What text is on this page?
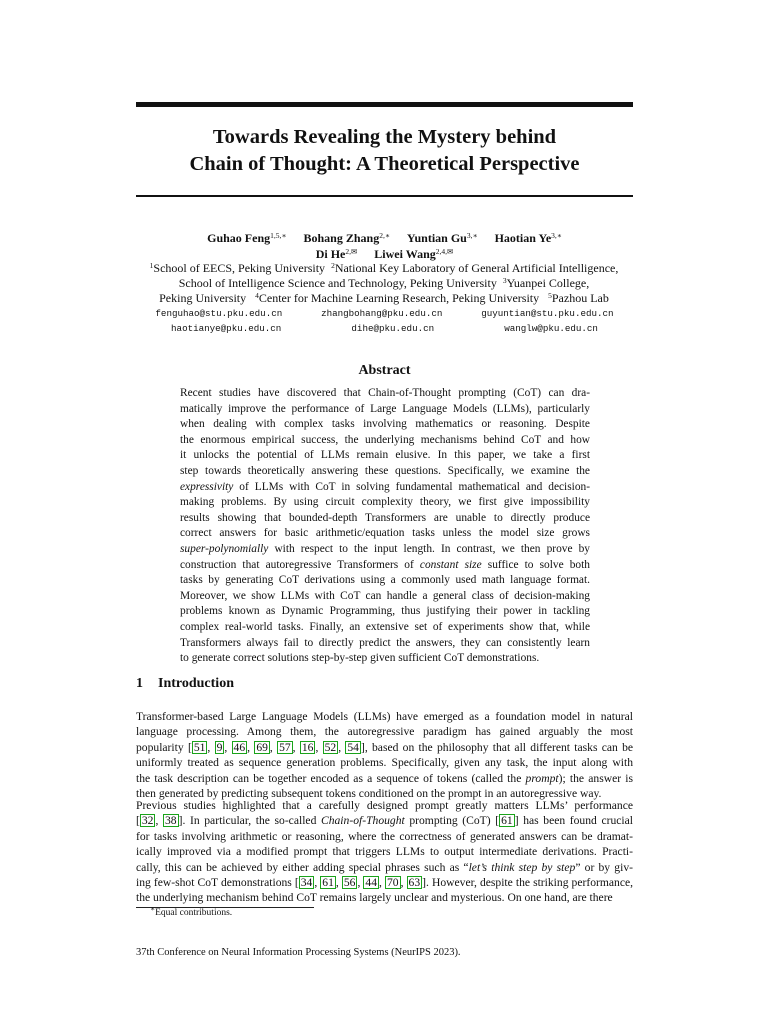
Towards Revealing the Mystery behind
Chain of Thought: A Theoretical Perspective
Guhao Feng$^{1,5,∗}$ Bohang Zhang$^{2,∗}$ Yuntian $Gu^{3,∗}$ Haotian $Ye^{3,∗}$
Di $He^{2,✉}$ Liwei Wang$^{2,4,✉}$
$^1$School of EECS, Peking University $^2$National Key Laboratory of General Artificial Intelligence,
School of Intelligence Science and Technology, Peking University $^3$Yuanpei College,
Peking University $^4$Center for Machine Learning Research, Peking University $^5$Pazhou Lab
fenguhao@stu.pku.edu.cn	zhangbohang@pku.edu.cn	guyuntian@stu.pku.edu.cn
haotianye@pku.edu.cn	dihe@pku.edu.cn	wanglw@pku.edu.cn
Abstract
Recent studies have discovered that Chain-of-Thought prompting (CoT) can dra-
matically improve the performance of Large Language Models (LLMs), particularly
when dealing with complex tasks involving mathematics or reasoning. Despite
the enormous empirical success, the underlying mechanisms behind CoT and how
it unlocks the potential of LLMs remain elusive. In this paper, we take a first
step towards theoretically answering these questions. Specifically, we examine the
expressivity of LLMs with CoT in solving fundamental mathematical and decision-
making problems. By using circuit complexity theory, we first give impossibility
results showing that bounded-depth Transformers are unable to directly produce
correct answers for basic arithmetic/equation tasks unless the model size grows
super-polynomially with respect to the input length. In contrast, we then prove by
construction that autoregressive Transformers of constant size suffice to solve both
tasks by generating CoT derivations using a commonly used math language format.
Moreover, we show LLMs with CoT can handle a general class of decision-making
problems known as Dynamic Programming, thus justifying their power in tackling
complex real-world tasks. Finally, an extensive set of experiments show that, while
Transformers always fail to directly predict the answers, they can consistently learn
to generate correct solutions step-by-step given sufficient CoT demonstrations.
1 Introduction
Transformer-based Large Language Models (LLMs) have emerged as a foundation model in natural
language processing. Among them, the autoregressive paradigm has gained arguably the most
popularity [ 51 , 9 , 46 , 69 , 57 , 16 , 52 , 54 ], based on the philosophy that all different tasks can be
uniformly treated as sequence generation problems. Specifically, given any task, the input along with
the task description can be together encoded as a sequence of tokens (called the prompt); the answer is
then generated by predicting subsequent tokens conditioned on the prompt in an autoregressive way.
Previous studies highlighted that a carefully designed prompt greatly matters LLMs’ performance
[ 32 , 38 ]. In particular, the so-called Chain-of-Thought prompting (CoT) [ 61 ] has been found crucial
for tasks involving arithmetic or reasoning, where the correctness of generated answers can be dramat-
ically improved via a modified prompt that triggers LLMs to output intermediate derivations. Practi-
cally, this can be achieved by either adding special phrases such as “let’s think step by step” or by giv-
ing few-shot CoT demonstrations [ 34 , 61 , 56 , 44 , 70 , 63 ]. However, despite the striking performance,
the underlying mechanism behind CoT remains largely unclear and mysterious. On one hand, are there
∗Equal contributions.
37th Conference on Neural Information Processing Systems (NeurIPS 2023).
